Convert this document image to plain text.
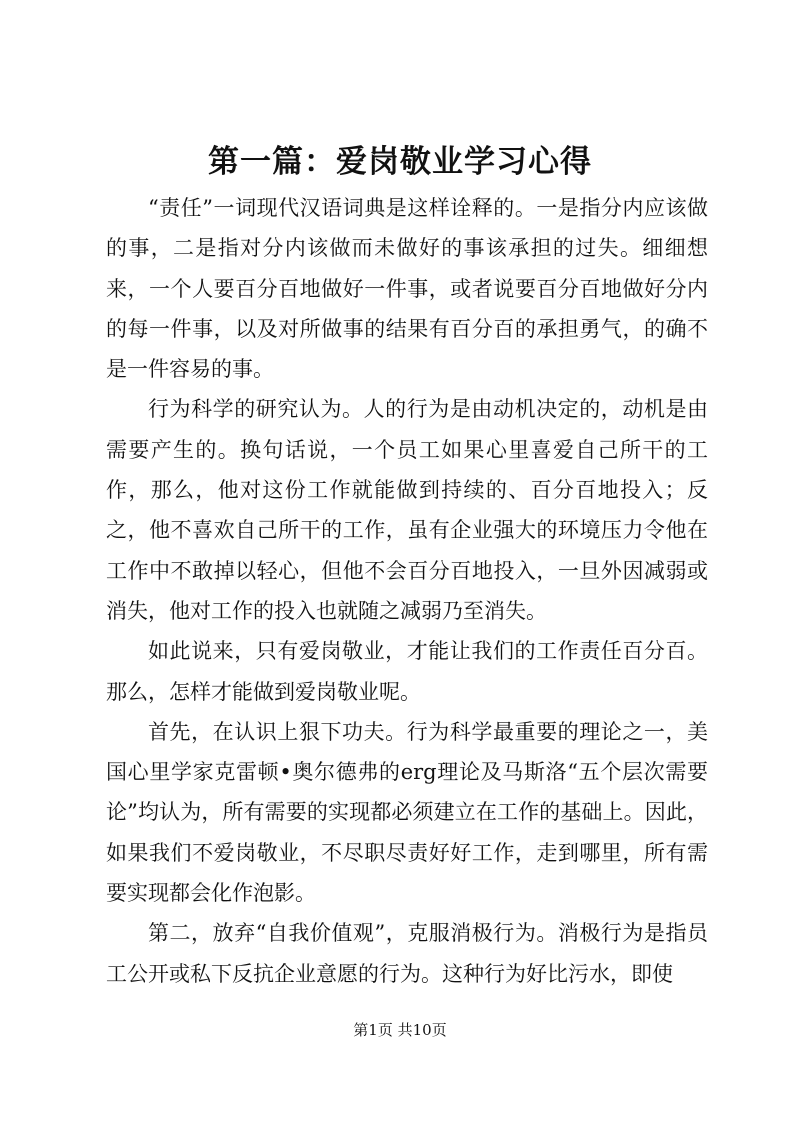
第一篇：爱岗敬业学习心得

“责任”一词现代汉语词典是这样诠释的。一是指分内应该做的事，二是指对分内该做而未做好的事该承担的过失。细细想来，一个人要百分百地做好一件事，或者说要百分百地做好分内的每一件事，以及对所做事的结果有百分百的承担勇气，的确不是一件容易的事。

行为科学的研究认为。人的行为是由动机决定的，动机是由需要产生的。换句话说，一个员工如果心里喜爱自己所干的工作，那么，他对这份工作就能做到持续的、百分百地投入；反之，他不喜欢自己所干的工作，虽有企业强大的环境压力令他在工作中不敢掉以轻心，但他不会百分百地投入，一旦外因减弱或消失，他对工作的投入也就随之减弱乃至消失。

如此说来，只有爱岗敬业，才能让我们的工作责任百分百。那么，怎样才能做到爱岗敬业呢。

首先，在认识上狠下功夫。行为科学最重要的理论之一，美国心里学家克雷顿•奥尔德弗的erg理论及马斯洛“五个层次需要论”均认为，所有需要的实现都必须建立在工作的基础上。因此，如果我们不爱岗敬业，不尽职尽责好好工作，走到哪里，所有需要实现都会化作泡影。

第二，放弃“自我价值观”，克服消极行为。消极行为是指员工公开或私下反抗企业意愿的行为。这种行为好比污水，即使

第1页 共10页
